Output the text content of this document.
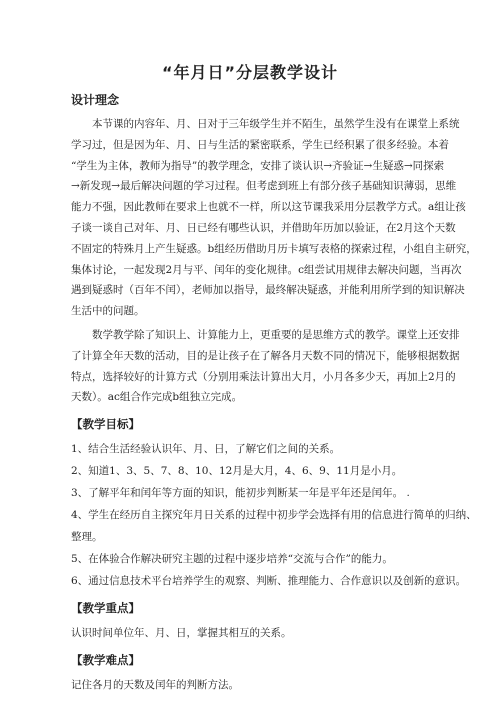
“年月日”分层教学设计

设计理念

本节课的内容年、月、日对于三年级学生并不陌生，虽然学生没有在课堂上系统
学习过，但是因为年、月、日与生活的紧密联系，学生已经积累了很多经验。本着
“学生为主体，教师为指导”的教学理念，安排了谈认识→齐验证→生疑惑→同探索
→新发现→最后解决问题的学习过程。但考虑到班上有部分孩子基础知识薄弱，思维
能力不强，因此教师在要求上也就不一样，所以这节课我采用分层教学方式。a组让孩
子谈一谈自己对年、月、日已经有哪些认识，并借助年历加以验证，在2月这个天数
不固定的特殊月上产生疑惑。b组经历借助月历卡填写表格的探索过程，小组自主研究，
集体讨论，一起发现2月与平、闰年的变化规律。c组尝试用规律去解决问题，当再次
遇到疑惑时（百年不闰），老师加以指导，最终解决疑惑，并能利用所学到的知识解决
生活中的问题。
数学教学除了知识上、计算能力上，更重要的是思维方式的教学。课堂上还安排
了计算全年天数的活动，目的是让孩子在了解各月天数不同的情况下，能够根据数据
特点，选择较好的计算方式（分别用乘法计算出大月，小月各多少天，再加上2月的
天数）。ac组合作完成b组独立完成。

【教学目标】

1、结合生活经验认识年、月、日，了解它们之间的关系。
2、知道1、3、5、7、8、10、12月是大月，4、6、9、11月是小月。
3、了解平年和闰年等方面的知识，能初步判断某一年是平年还是闰年。 .
4、学生在经历自主探究年月日关系的过程中初步学会选择有用的信息进行简单的归纳、
整理。
5、在体验合作解决研究主题的过程中逐步培养“交流与合作”的能力。
6、通过信息技术平台培养学生的观察、判断、推理能力、合作意识以及创新的意识。

【教学重点】

认识时间单位年、月、日，掌握其相互的关系。

【教学难点】

记住各月的天数及闰年的判断方法。
